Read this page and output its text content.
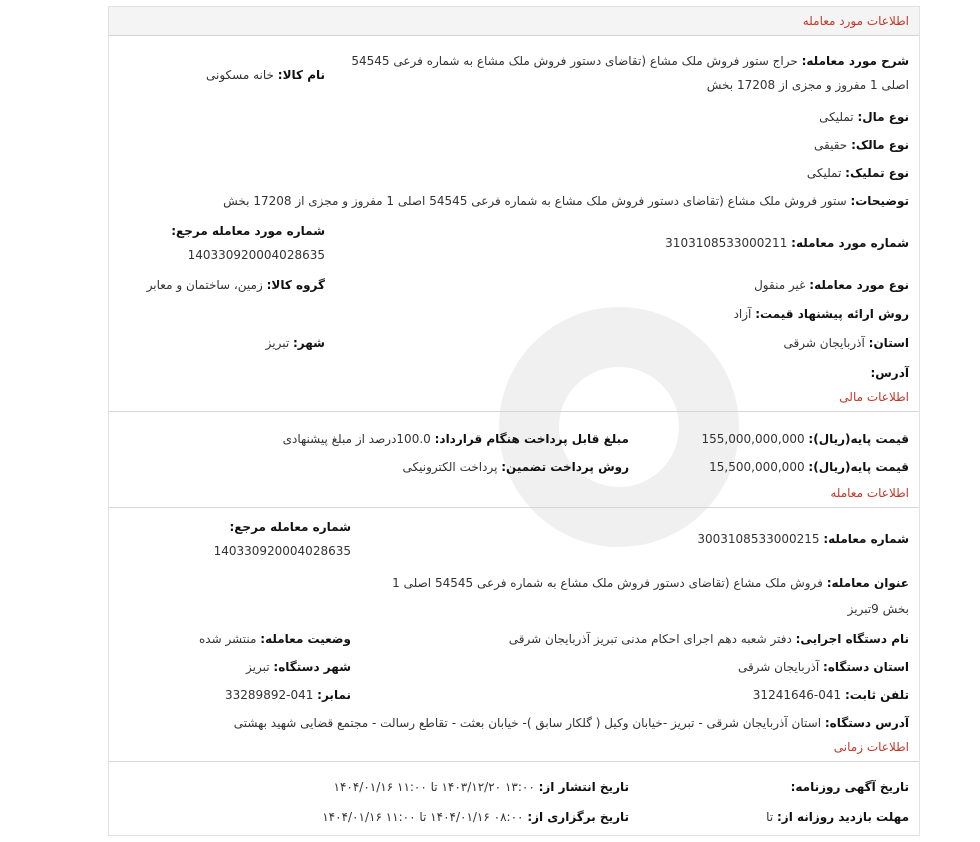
اطلاعات مورد معامله
شرح مورد معامله: حراج ستور فروش ملک مشاع (تقاضای دستور فروش ملک مشاع به شماره فرعی 54545
اصلی 1 مفروز و مجزی از 17208 بخش
نام کالا: خانه مسکونی
نوع مال: تملیکی
نوع مالک: حقیقی
نوع تملیک: تملیکی
توضیحات: ستور فروش ملک مشاع (تقاضای دستور فروش ملک مشاع به شماره فرعی 54545 اصلی 1 مفروز و مجزی از 17208 بخش
شماره مورد معامله مرجع:
14033092000402863‎5
شماره مورد معامله: 3103108533000211
نوع مورد معامله: غیر منقول
گروه کالا: زمین، ساختمان و معابر
روش ارائه پیشنهاد قیمت: آزاد
استان: آذربایجان شرقی
شهر: تبریز
آدرس:
اطلاعات مالی
قیمت پایه(ریال): 155,000,000,000
مبلغ قابل پرداخت هنگام قرارداد: 100.0درصد از مبلغ پیشنهادی
قیمت پایه(ریال): 15,500,000,000
روش پرداخت تضمین: پرداخت الکترونیکی
اطلاعات معامله
شماره معامله: 3003108533000215
شماره معامله مرجع:
14033092000402863‎5
عنوان معامله: فروش ملک مشاع (تقاضای دستور فروش ملک مشاع به شماره فرعی 54545 اصلی 1
بخش 9تبریز
نام دستگاه اجرایی: دفتر شعبه دهم اجرای احکام مدنی تبریز آذربایجان شرقی
وضعیت معامله: منتشر شده
استان دستگاه: آذربایجان شرقی
شهر دستگاه: تبریز
تلفن ثابت: 041-31241646
نمابر: 041-33289892
آدرس دستگاه: استان آذربایجان شرقی - تبریز -خیابان وکیل ( گلکار سابق )- خیابان بعثت - تقاطع رسالت - مجتمع قضایی شهید بهشتی
اطلاعات زمانی
تاریخ آگهی روزنامه:
تاریخ انتشار از: ۱۳:۰۰ ۱۴۰۳/۱۲/۲۰ تا ۱۱:۰۰ ۱۴۰۴/۰۱/۱۶
مهلت بازدید روزانه از: تا
تاریخ برگزاری از: ۰۸:۰۰ ۱۴۰۴/۰۱/۱۶ تا ۱۱:۰۰ ۱۴۰۴/۰۱/۱۶
